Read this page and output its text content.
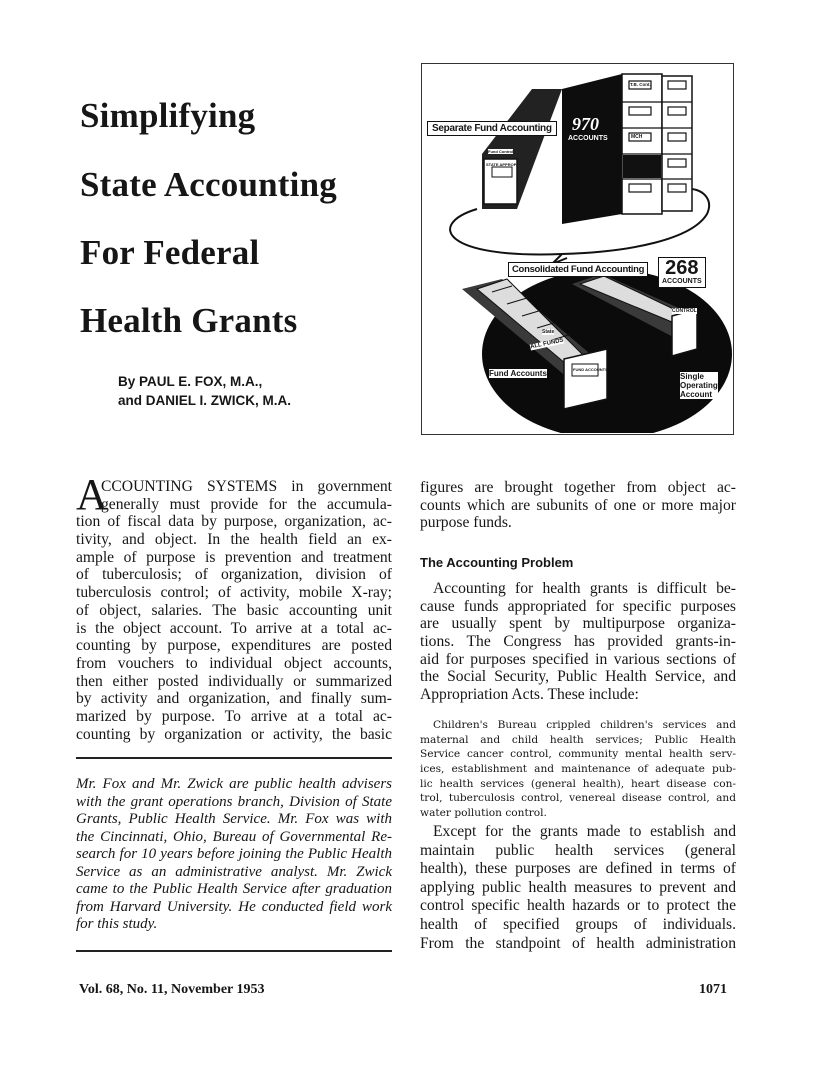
Simplifying
State Accounting
For Federal
Health Grants
By PAUL E. FOX, M.A.,
and DANIEL I. ZWICK, M.A.
Separate Fund Accounting 970
ACCOUNTS
Consolidated Fund Accounting 268
ACCOUNTS
Fund Accounts	Single
Operating
Account
STATE APPROP.
Fund Control
ALL FUNDS
FUND ACCOUNTS
State
CONTROL
MCH
T.B. Cont.
A
CCOUNTING SYSTEMS in government
generally must provide for the accumula-
tion of fiscal data by purpose, organization, ac-
tivity, and object. In the health field an ex-
ample of purpose is prevention and treatment
of tuberculosis; of organization, division of
tuberculosis control; of activity, mobile X-ray;
of object, salaries. The basic accounting unit
is the object account. To arrive at a total ac-
counting by purpose, expenditures are posted
from vouchers to individual object accounts,
then either posted individually or summarized
by activity and organization, and finally sum-
marized by purpose. To arrive at a total ac-
counting by organization or activity, the basic
Mr. Fox and Mr. Zwick are public health advisers
with the grant operations branch, Division of State
Grants, Public Health Service. Mr. Fox was with
the Cincinnati, Ohio, Bureau of Governmental Re-
search for 10 years before joining the Public Health
Service as an administrative analyst. Mr. Zwick
came to the Public Health Service after graduation
from Harvard University. He conducted field work
for this study.
figures are brought together from object ac-
counts which are subunits of one or more major
purpose funds.
The Accounting Problem
Accounting for health grants is difficult be-
cause funds appropriated for specific purposes
are usually spent by multipurpose organiza-
tions. The Congress has provided grants-in-
aid for purposes specified in various sections of
the Social Security, Public Health Service, and
Appropriation Acts. These include:
Children's Bureau crippled children's services and
maternal and child health services; Public Health
Service cancer control, community mental health serv-
ices, establishment and maintenance of adequate pub-
lic health services (general health), heart disease con-
trol, tuberculosis control, venereal disease control, and
water pollution control.
Except for the grants made to establish and
maintain public health services (general
health), these purposes are defined in terms of
applying public health measures to prevent and
control specific health hazards or to protect the
health of specified groups of individuals.
From the standpoint of health administration
Vol. 68, No. 11, November 1953	1071
